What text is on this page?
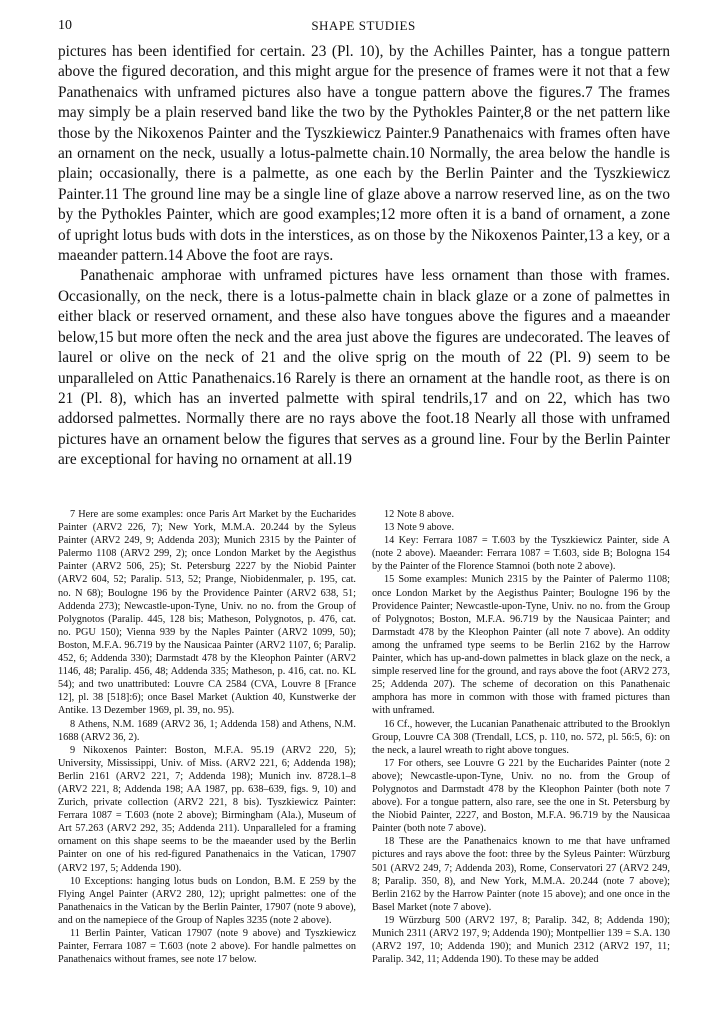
10	SHAPE STUDIES

pictures has been identified for certain. 23 (Pl. 10), by the Achilles Painter, has a tongue pattern above the figured decoration, and this might argue for the presence of frames were it not that a few Panathenaics with unframed pictures also have a tongue pattern above the figures.7 The frames may simply be a plain reserved band like the two by the Pythokles Painter,8 or the net pattern like those by the Nikoxenos Painter and the Tyszkiewicz Painter.9 Panathenaics with frames often have an ornament on the neck, usually a lotus-palmette chain.10 Normally, the area below the handle is plain; occasionally, there is a palmette, as one each by the Berlin Painter and the Tyszkiewicz Painter.11 The ground line may be a single line of glaze above a narrow reserved line, as on the two by the Pythokles Painter, which are good examples;12 more often it is a band of ornament, a zone of upright lotus buds with dots in the interstices, as on those by the Nikoxenos Painter,13 a key, or a maeander pattern.14 Above the foot are rays.

Panathenaic amphorae with unframed pictures have less ornament than those with frames. Occasionally, on the neck, there is a lotus-palmette chain in black glaze or a zone of palmettes in either black or reserved ornament, and these also have tongues above the figures and a maeander below,15 but more often the neck and the area just above the figures are undecorated. The leaves of laurel or olive on the neck of 21 and the olive sprig on the mouth of 22 (Pl. 9) seem to be unparalleled on Attic Panathenaics.16 Rarely is there an ornament at the handle root, as there is on 21 (Pl. 8), which has an inverted palmette with spiral tendrils,17 and on 22, which has two addorsed palmettes. Normally there are no rays above the foot.18 Nearly all those with unframed pictures have an ornament below the figures that serves as a ground line. Four by the Berlin Painter are exceptional for having no ornament at all.19

7 Here are some examples: once Paris Art Market by the Eucharides Painter (ARV2 226, 7); New York, M.M.A. 20.244 by the Syleus Painter (ARV2 249, 9; Addenda 203); Munich 2315 by the Painter of Palermo 1108 (ARV2 299, 2); once London Market by the Aegisthus Painter (ARV2 506, 25); St. Petersburg 2227 by the Niobid Painter (ARV2 604, 52; Paralip. 513, 52; Prange, Niobidenmaler, p. 195, cat. no. N 68); Boulogne 196 by the Providence Painter (ARV2 638, 51; Addenda 273); Newcastle-upon-Tyne, Univ. no no. from the Group of Polygnotos (Paralip. 445, 128 bis; Matheson, Polygnotos, p. 476, cat. no. PGU 150); Vienna 939 by the Naples Painter (ARV2 1099, 50); Boston, M.F.A. 96.719 by the Nausicaa Painter (ARV2 1107, 6; Paralip. 452, 6; Addenda 330); Darmstadt 478 by the Kleophon Painter (ARV2 1146, 48; Paralip. 456, 48; Addenda 335; Matheson, p. 416, cat. no. KL 54); and two unattributed: Louvre CA 2584 (CVA, Louvre 8 [France 12], pl. 38 [518]:6); once Basel Market (Auktion 40, Kunstwerke der Antike. 13 Dezember 1969, pl. 39, no. 95).

8 Athens, N.M. 1689 (ARV2 36, 1; Addenda 158) and Athens, N.M. 1688 (ARV2 36, 2).

9 Nikoxenos Painter: Boston, M.F.A. 95.19 (ARV2 220, 5); University, Mississippi, Univ. of Miss. (ARV2 221, 6; Addenda 198); Berlin 2161 (ARV2 221, 7; Addenda 198); Munich inv. 8728.1–8 (ARV2 221, 8; Addenda 198; AA 1987, pp. 638–639, figs. 9, 10) and Zurich, private collection (ARV2 221, 8 bis). Tyszkiewicz Painter: Ferrara 1087 = T.603 (note 2 above); Birmingham (Ala.), Museum of Art 57.263 (ARV2 292, 35; Addenda 211). Unparalleled for a framing ornament on this shape seems to be the maeander used by the Berlin Painter on one of his red-figured Panathenaics in the Vatican, 17907 (ARV2 197, 5; Addenda 190).

10 Exceptions: hanging lotus buds on London, B.M. E 259 by the Flying Angel Painter (ARV2 280, 12); upright palmettes: one of the Panathenaics in the Vatican by the Berlin Painter, 17907 (note 9 above), and on the namepiece of the Group of Naples 3235 (note 2 above).

11 Berlin Painter, Vatican 17907 (note 9 above) and Tyszkiewicz Painter, Ferrara 1087 = T.603 (note 2 above). For handle palmettes on Panathenaics without frames, see note 17 below.

12 Note 8 above.

13 Note 9 above.

14 Key: Ferrara 1087 = T.603 by the Tyszkiewicz Painter, side A (note 2 above). Maeander: Ferrara 1087 = T.603, side B; Bologna 154 by the Painter of the Florence Stamnoi (both note 2 above).

15 Some examples: Munich 2315 by the Painter of Palermo 1108; once London Market by the Aegisthus Painter; Boulogne 196 by the Providence Painter; Newcastle-upon-Tyne, Univ. no no. from the Group of Polygnotos; Boston, M.F.A. 96.719 by the Nausicaa Painter; and Darmstadt 478 by the Kleophon Painter (all note 7 above). An oddity among the unframed type seems to be Berlin 2162 by the Harrow Painter, which has up-and-down palmettes in black glaze on the neck, a simple reserved line for the ground, and rays above the foot (ARV2 273, 25; Addenda 207). The scheme of decoration on this Panathenaic amphora has more in common with those with framed pictures than with unframed.

16 Cf., however, the Lucanian Panathenaic attributed to the Brooklyn Group, Louvre CA 308 (Trendall, LCS, p. 110, no. 572, pl. 56:5, 6): on the neck, a laurel wreath to right above tongues.

17 For others, see Louvre G 221 by the Eucharides Painter (note 2 above); Newcastle-upon-Tyne, Univ. no no. from the Group of Polygnotos and Darmstadt 478 by the Kleophon Painter (both note 7 above). For a tongue pattern, also rare, see the one in St. Petersburg by the Niobid Painter, 2227, and Boston, M.F.A. 96.719 by the Nausicaa Painter (both note 7 above).

18 These are the Panathenaics known to me that have unframed pictures and rays above the foot: three by the Syleus Painter: Würzburg 501 (ARV2 249, 7; Addenda 203), Rome, Conservatori 27 (ARV2 249, 8; Paralip. 350, 8), and New York, M.M.A. 20.244 (note 7 above); Berlin 2162 by the Harrow Painter (note 15 above); and one once in the Basel Market (note 7 above).

19 Würzburg 500 (ARV2 197, 8; Paralip. 342, 8; Addenda 190); Munich 2311 (ARV2 197, 9; Addenda 190); Montpellier 139 = S.A. 130 (ARV2 197, 10; Addenda 190); and Munich 2312 (ARV2 197, 11; Paralip. 342, 11; Addenda 190). To these may be added
